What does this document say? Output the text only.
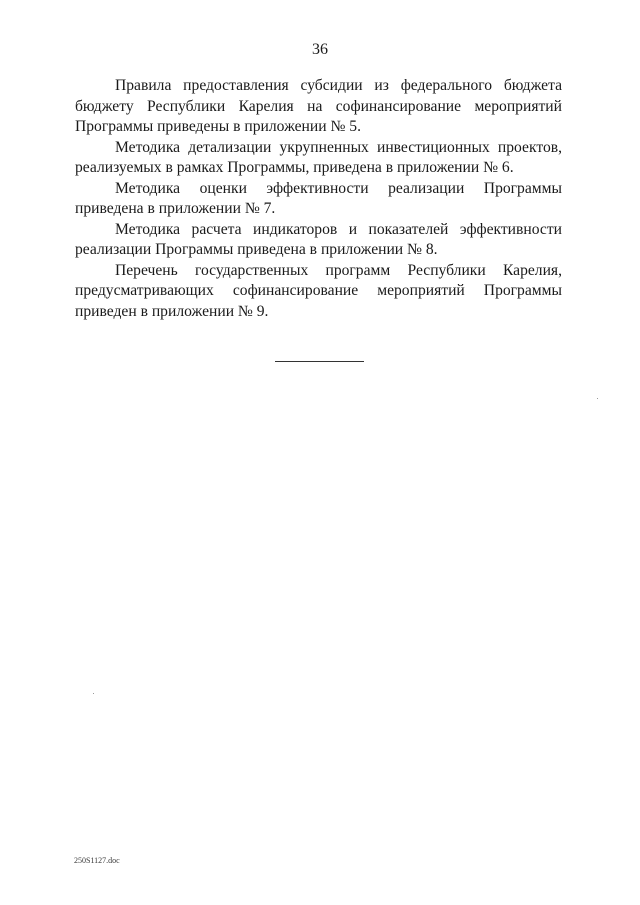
36

Правила предоставления субсидии из федерального бюджета бюджету Республики Карелия на софинансирование мероприятий Программы приведены в приложении № 5.

Методика детализации укрупненных инвестиционных проектов, реализуемых в рамках Программы, приведена в приложении № 6.

Методика оценки эффективности реализации Программы приведена в приложении № 7.

Методика расчета индикаторов и показателей эффективности реализации Программы приведена в приложении № 8.

Перечень государственных программ Республики Карелия, предусматривающих софинансирование мероприятий Программы приведен в приложении № 9.

250S1127.doc
